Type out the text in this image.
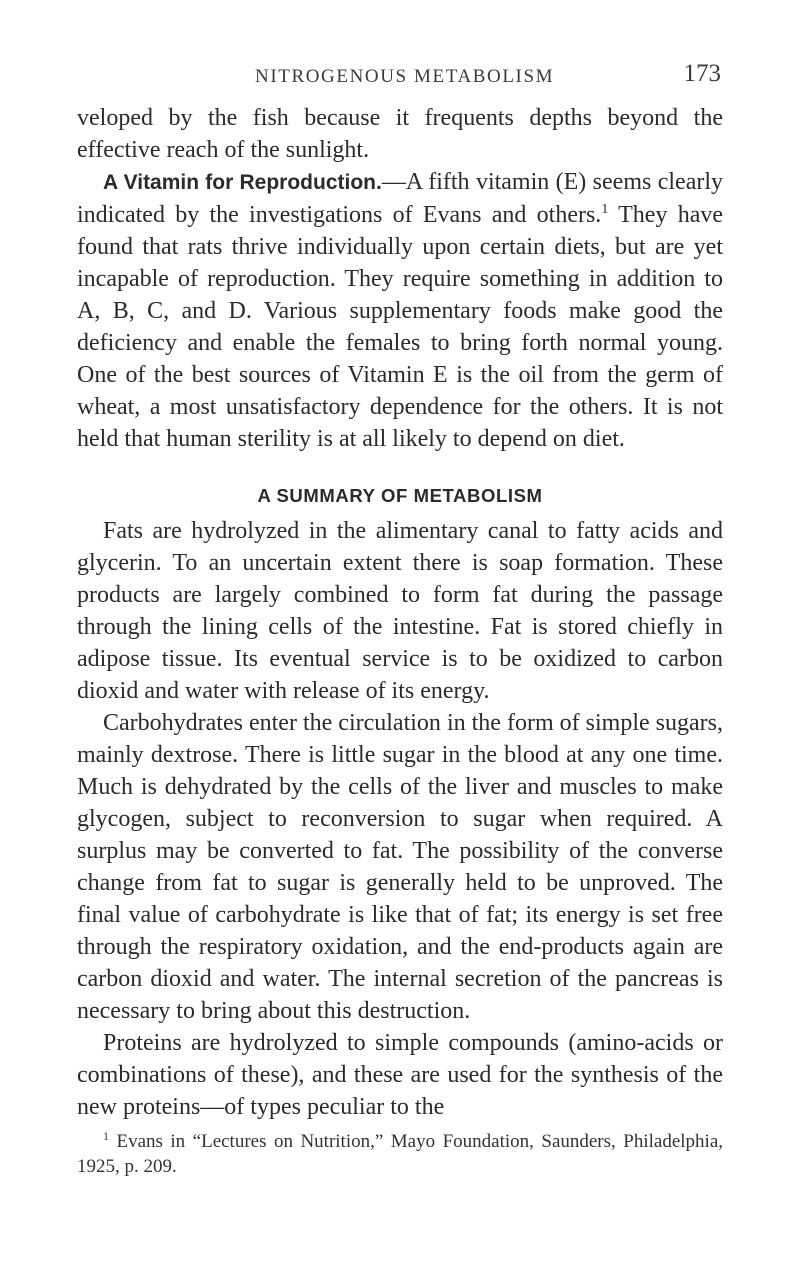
NITROGENOUS METABOLISM	173

veloped by the fish because it frequents depths beyond the effective reach of the sunlight.

A Vitamin for Reproduction.—A fifth vitamin (E) seems clearly indicated by the investigations of Evans and others.$^1$ They have found that rats thrive individually upon certain diets, but are yet incapable of reproduction. They require something in addition to A, B, C, and D. Various supplementary foods make good the deficiency and enable the females to bring forth normal young. One of the best sources of Vitamin E is the oil from the germ of wheat, a most unsatisfactory dependence for the others. It is not held that human sterility is at all likely to depend on diet.

A SUMMARY OF METABOLISM

Fats are hydrolyzed in the alimentary canal to fatty acids and glycerin. To an uncertain extent there is soap formation. These products are largely combined to form fat during the passage through the lining cells of the intestine. Fat is stored chiefly in adipose tissue. Its eventual service is to be oxidized to carbon dioxid and water with release of its energy.

Carbohydrates enter the circulation in the form of simple sugars, mainly dextrose. There is little sugar in the blood at any one time. Much is dehydrated by the cells of the liver and muscles to make glycogen, subject to reconversion to sugar when required. A surplus may be converted to fat. The possibility of the converse change from fat to sugar is generally held to be unproved. The final value of carbohydrate is like that of fat; its energy is set free through the respiratory oxidation, and the end-products again are carbon dioxid and water. The internal secretion of the pancreas is necessary to bring about this destruction.

Proteins are hydrolyzed to simple compounds (amino-acids or combinations of these), and these are used for the synthesis of the new proteins—of types peculiar to the

$^1$ Evans in “Lectures on Nutrition,” Mayo Foundation, Saunders, Philadelphia, 1925, p. 209.
